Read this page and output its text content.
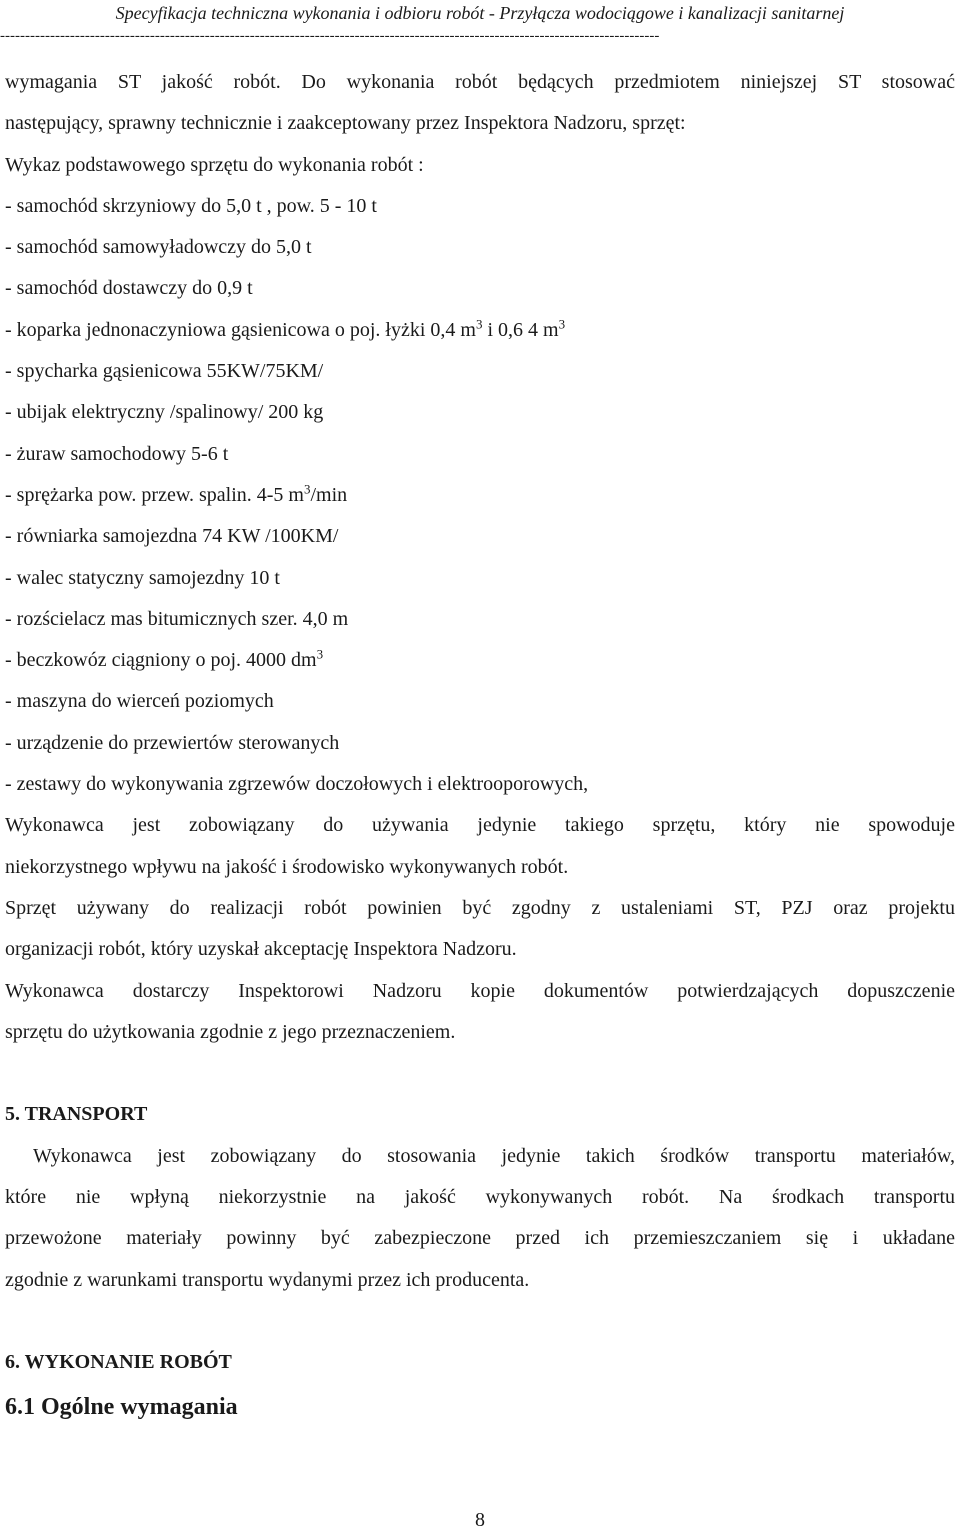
Specyfikacja techniczna wykonania i odbioru robót - Przyłącza wodociągowe i kanalizacji sanitarnej
------------------------------------------------------------------------------------------------------------------------------------
wymagania ST jakość robót. Do wykonania robót będących przedmiotem niniejszej ST stosować
następujący, sprawny technicznie i zaakceptowany przez Inspektora Nadzoru, sprzęt:
Wykaz podstawowego sprzętu do wykonania robót :
- samochód skrzyniowy do 5,0 t , pow. 5 - 10 t
- samochód samowyładowczy do 5,0 t
- samochód dostawczy do 0,9 t
- koparka jednonaczyniowa gąsienicowa o poj. łyżki 0,4 $m^3$ i 0,6 4 $m^3$
- spycharka gąsienicowa 55KW/75KM/
- ubijak elektryczny /spalinowy/ 200 kg
- żuraw samochodowy 5-6 t
- sprężarka pow. przew. spalin. 4-5 $m^3/\min$
- równiarka samojezdna 74 KW /100KM/
- walec statyczny samojezdny 10 t
- rozścielacz mas bitumicznych szer. 4,0 m
- beczkowóz ciągniony o poj. 4000 $dm^3$
- maszyna do wierceń poziomych
- urządzenie do przewiertów sterowanych
- zestawy do wykonywania zgrzewów doczołowych i elektrooporowych,
Wykonawca jest zobowiązany do używania jedynie takiego sprzętu, który nie spowoduje
niekorzystnego wpływu na jakość i środowisko wykonywanych robót.
Sprzęt używany do realizacji robót powinien być zgodny z ustaleniami ST, PZJ oraz projektu
organizacji robót, który uzyskał akceptację Inspektora Nadzoru.
Wykonawca dostarczy Inspektorowi Nadzoru kopie dokumentów potwierdzających dopuszczenie
sprzętu do użytkowania zgodnie z jego przeznaczeniem.
5. TRANSPORT
Wykonawca jest zobowiązany do stosowania jedynie takich środków transportu materiałów,
które nie wpłyną niekorzystnie na jakość wykonywanych robót. Na środkach transportu
przewożone materiały powinny być zabezpieczone przed ich przemieszczaniem się i układane
zgodnie z warunkami transportu wydanymi przez ich producenta.
6. WYKONANIE ROBÓT
6.1 Ogólne wymagania
8
